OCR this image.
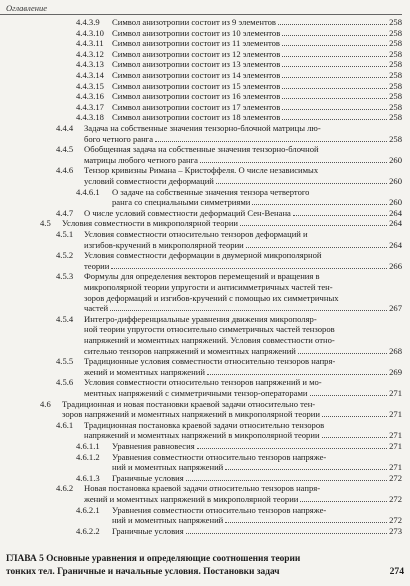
Оглавление
4.4.3.9	Символ анизотропии состоит из 9 элементов	258
4.4.3.10 Символ анизотропии состоит из 10 элементов	258
4.4.3.11 Символ анизотропии состоит из 11 элементов	258
4.4.3.12 Символ анизотропии состоит из 12 элементов	258
4.4.3.13 Символ анизотропии состоит из 13 элементов	258
4.4.3.14 Символ анизотропии состоит из 14 элементов	258
4.4.3.15 Символ анизотропии состоит из 15 элементов	258
4.4.3.16 Символ анизотропии состоит из 16 элементов	258
4.4.3.17 Символ анизотропии состоит из 17 элементов	258
4.4.3.18 Символ анизотропии состоит из 18 элементов	258
4.4.4	Задача на собственные значения тензорно-блочной матрицы лю-
бого четного ранга	258
4.4.5	Обобщенная задача на собственные значения тензорно-блочной
матрицы любого четного ранга	260
4.4.6	Тензор кривизны Римана – Кристоффеля. О числе независимых
условий совместности деформаций	260
4.4.6.1	О задаче на собственные значения тензора четвертого
ранга со специальными симметриями	260
4.4.7	О числе условий совместности деформаций Сен-Венана	264
4.5	Условия совместности в микрополярной теории	264
4.5.1	Условия совместности относительно тензоров деформаций и
изгибов-кручений в микрополярной теории	264
4.5.2	Условия совместности деформации в двумерной микрополярной
теории	266
4.5.3	Формулы для определения векторов перемещений и вращения в
микрополярной теории упругости и антисимметричных частей тен-
зоров деформаций и изгибов-кручений с помощью их симметричных
частей	267
4.5.4	Интегро-дифференциальные уравнения движения микрополяр-
ной теории упругости относительно симметричных частей тензоров
напряжений и моментных напряжений. Условия совместности отно-
сительно тензоров напряжений и моментных напряжений	268
4.5.5	Традиционные условия совместности относительно тензоров напря-
жений и моментных напряжений	269
4.5.6	Условия совместности относительно тензоров напряжений и мо-
ментных напряжений с симметричными тензор-операторами	271
4.6	Традиционная и новая постановки краевой задачи относительно тен-
зоров напряжений и моментных напряжений в микрополярной теории	271
4.6.1	Традиционная постановка краевой задачи относительно тензоров
напряжений и моментных напряжений в микрополярной теории	271
4.6.1.1	Уравнения равновесия	271
4.6.1.2	Уравнения совместности относительно тензоров напряже-
ний и моментных напряжений	271
4.6.1.3	Граничные условия	272
4.6.2	Новая постановка краевой задачи относительно тензоров напря-
жений и моментных напряжений в микрополярной теории	272
4.6.2.1	Уравнения совместности относительно тензоров напряже-
ний и моментных напряжений	272
4.6.2.2	Граничные условия	273
ГЛАВА 5 Основные уравнения и определяющие соотношения теории
тонких тел. Граничные и начальные условия. Постановки задач	274
